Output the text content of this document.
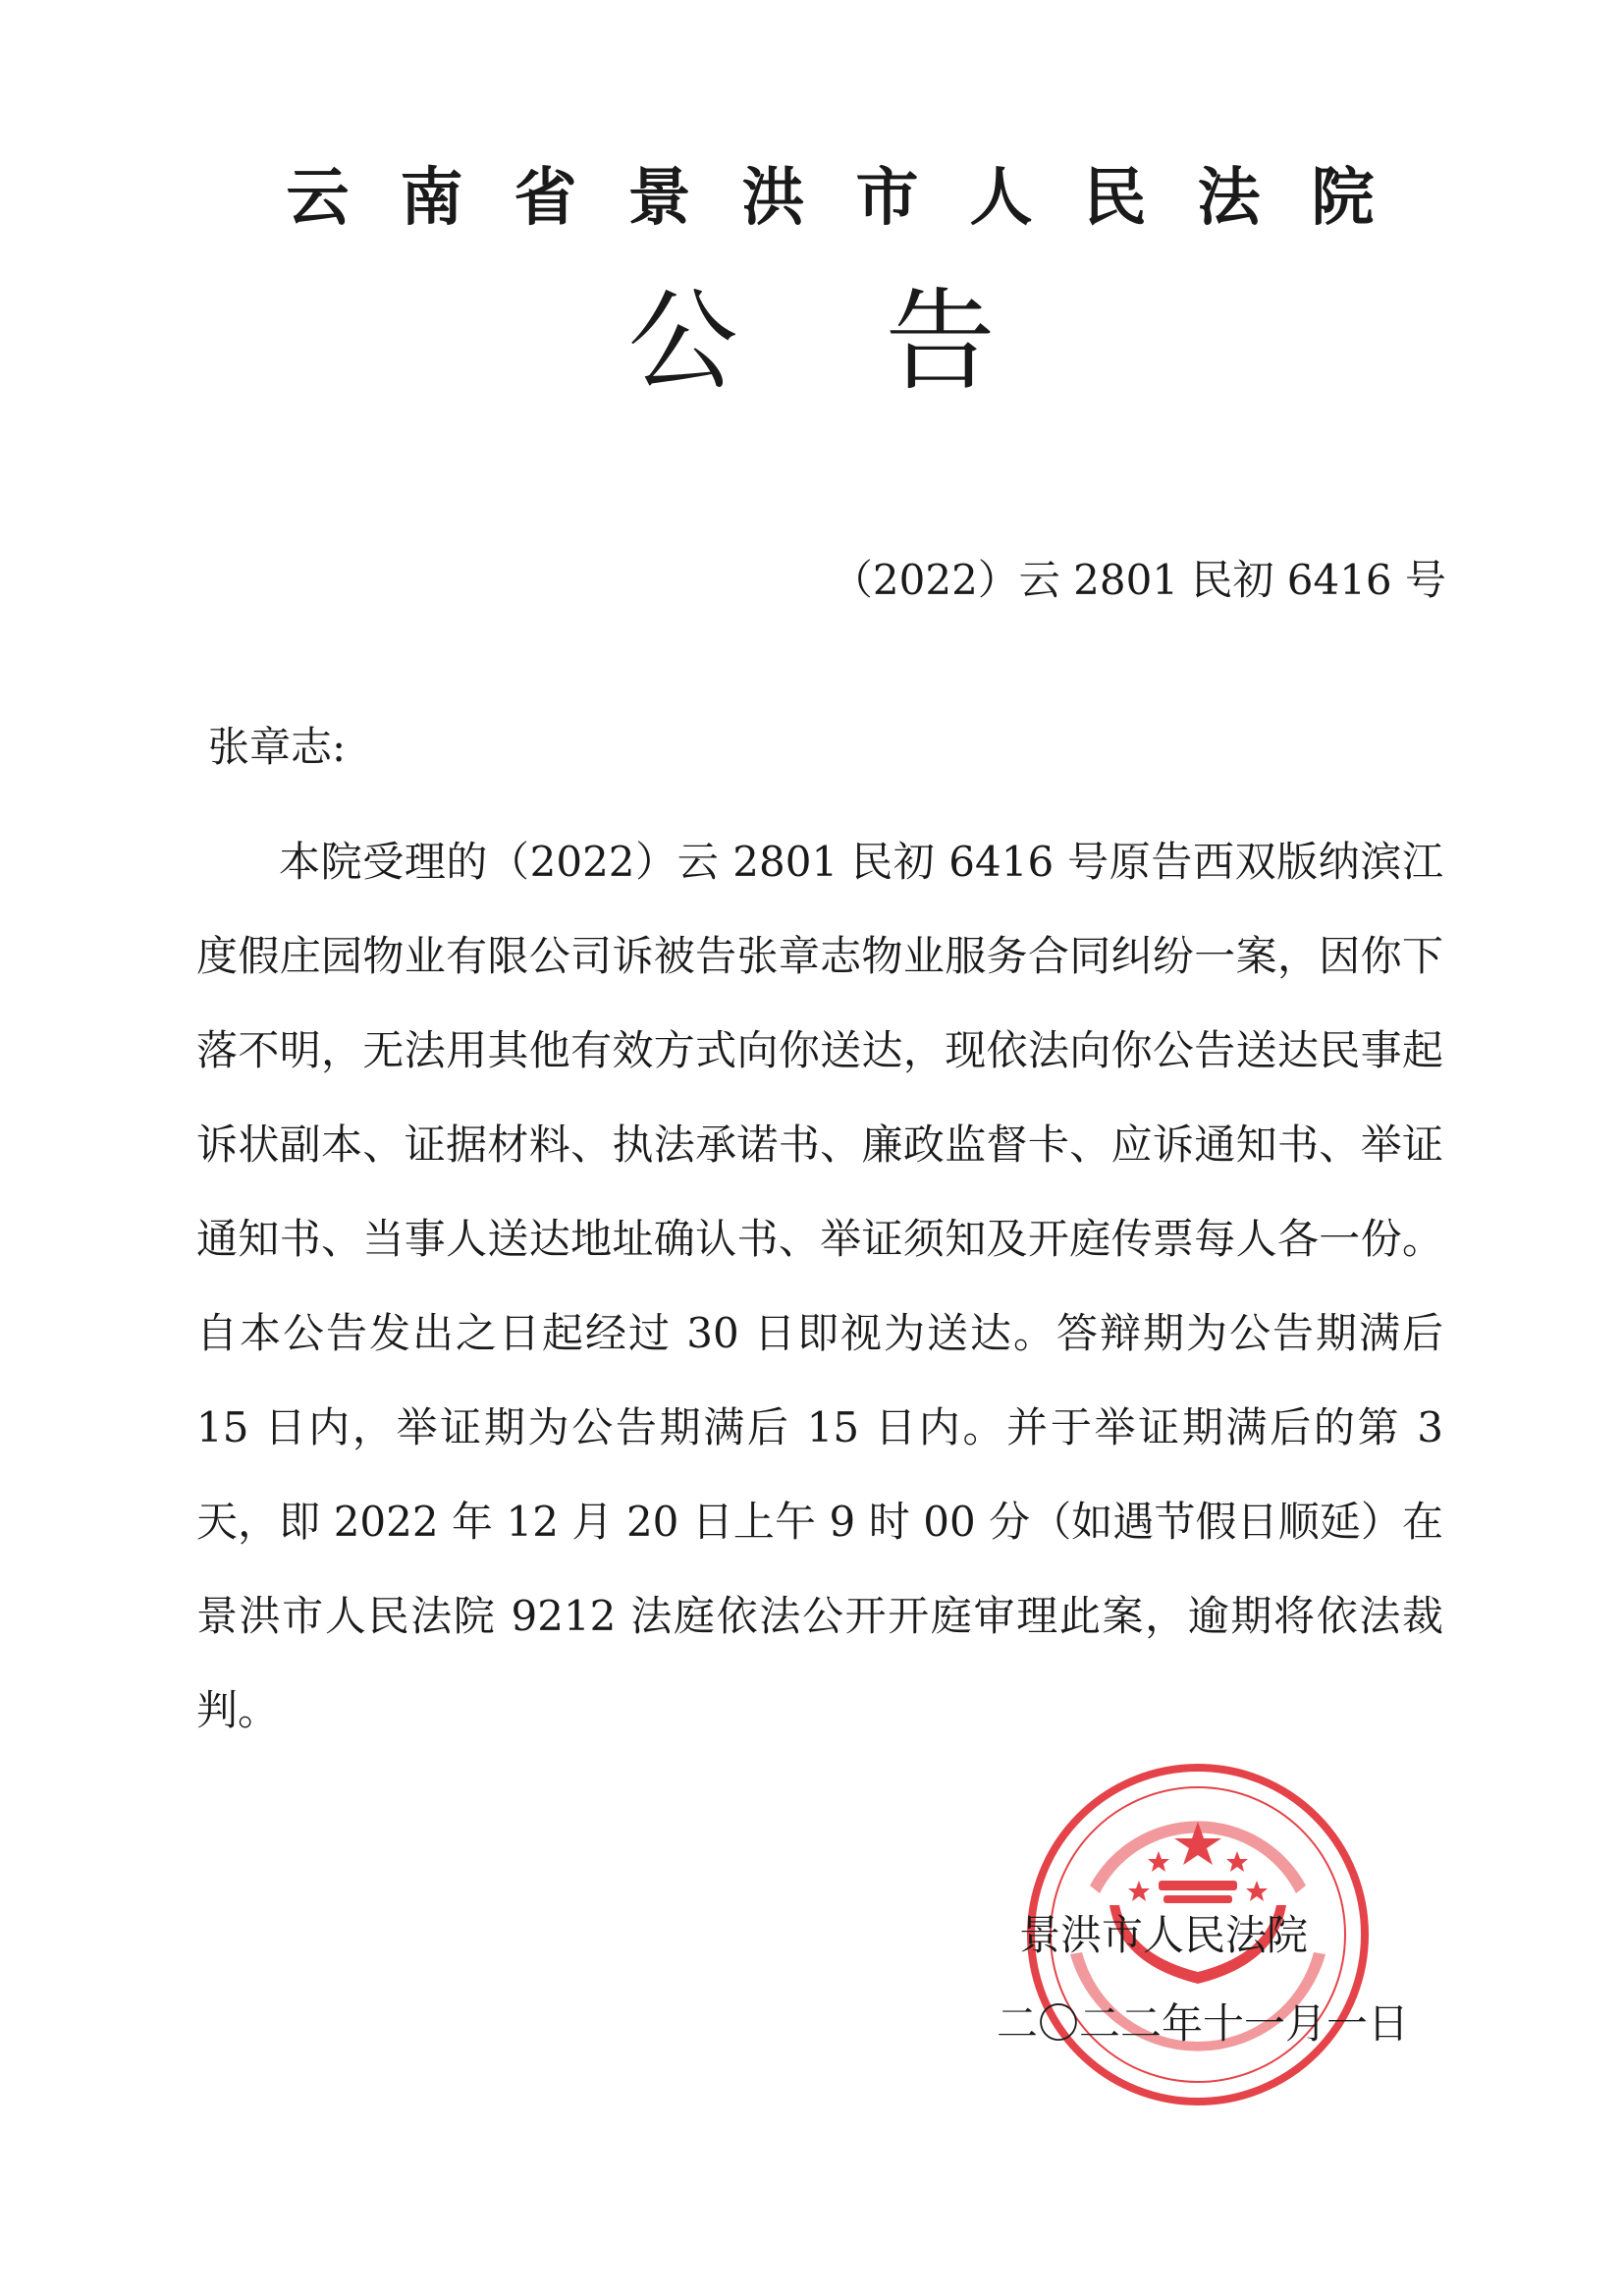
云南省景洪市人民法院
公告
（2022）云 2801 民初 6416 号
张章志:

本院受理的（2022）云 2801 民初 6416 号原告西双版纳滨江度假庄园物业有限公司诉被告张章志物业服务合同纠纷一案，因你下落不明，无法用其他有效方式向你送达，现依法向你公告送达民事起诉状副本、证据材料、执法承诺书、廉政监督卡、应诉通知书、举证通知书、当事人送达地址确认书、举证须知及开庭传票每人各一份。自本公告发出之日起经过 30 日即视为送达。答辩期为公告期满后 15 日内，举证期为公告期满后 15 日内。并于举证期满后的第 3 天，即 2022 年 12 月 20 日上午 9 时 00 分（如遇节假日顺延）在景洪市人民法院 9212 法庭依法公开开庭审理此案，逾期将依法裁判。

景洪市人民法院
二〇二二年十一月一日
